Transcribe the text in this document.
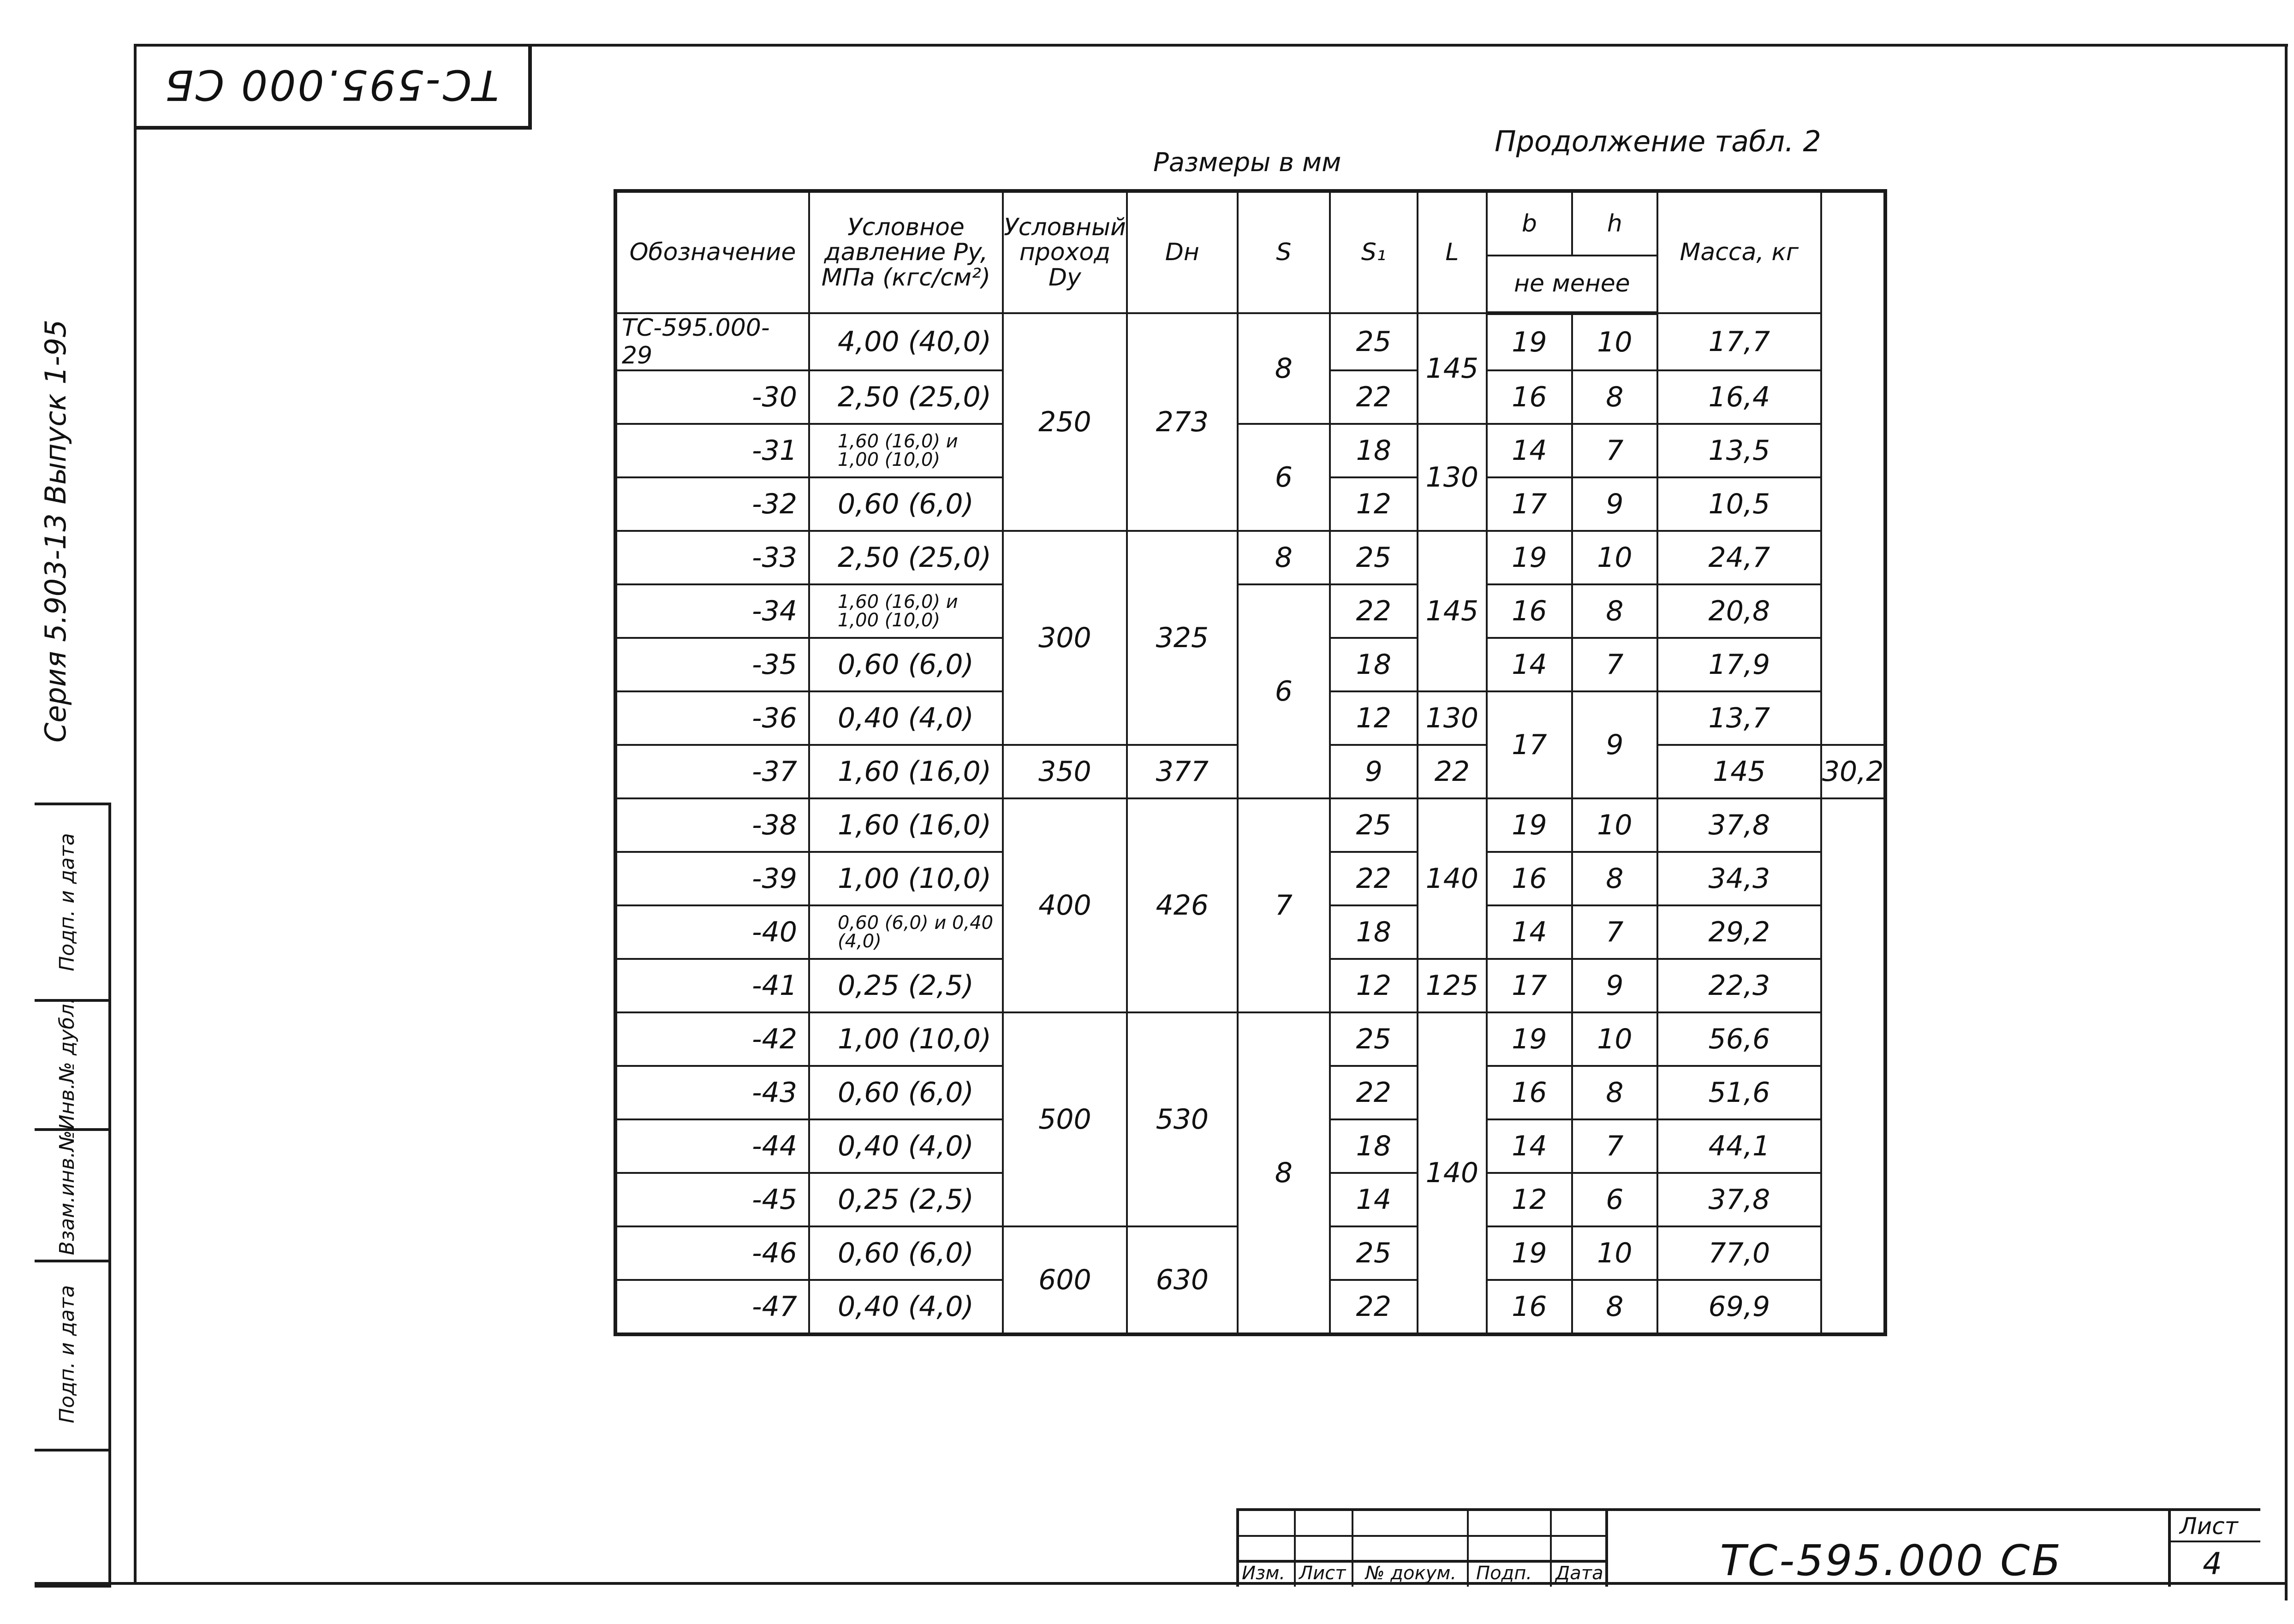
ТС-595.000 СБ
Серия 5.903-13 Выпуск 1-95
Подп. и дата
Инв.№ дубл.
Взам.инв.№
Подп. и дата
Продолжение табл. 2
Размеры в мм
Обозначение	Условное давление Py, МПа (кгс/см²)	Условный проход Dy	Dн	S	S₁	L	b	h	Масса, кг	
							не менее			
ТС-595.000-29	4,00 (40,0)	250	273	8	25	145	19	10	17,7	
-30	2,50 (25,0)				22		16	8	16,4	
-31	1,60 (16,0) и 1,00 (10,0)			6	18	130	14	7	13,5	
-32	0,60 (6,0)				12		17	9	10,5	
-33	2,50 (25,0)	300	325	8	25	145	19	10	24,7	
-34	1,60 (16,0) и 1,00 (10,0)			6	22		16	8	20,8	
-35	0,60 (6,0)				18		14	7	17,9	
-36	0,40 (4,0)				12	130	17	9	13,7	
-37	1,60 (16,0)	350	377		9	22			145	30,2
-38	1,60 (16,0)	400	426	7	25	140	19	10	37,8	
-39	1,00 (10,0)				22		16	8	34,3	
-40	0,60 (6,0) и 0,40 (4,0)				18		14	7	29,2	
-41	0,25 (2,5)				12	125	17	9	22,3	
-42	1,00 (10,0)	500	530	8	25	140	19	10	56,6	
-43	0,60 (6,0)				22		16	8	51,6	
-44	0,40 (4,0)				18		14	7	44,1	
-45	0,25 (2,5)				14		12	6	37,8	
-46	0,60 (6,0)	600	630		25		19	10	77,0	
-47	0,40 (4,0)				22		16	8	69,9	
Изм. Лист № докум. Подп. Дата
Лист
4
ТС-595.000 СБ
